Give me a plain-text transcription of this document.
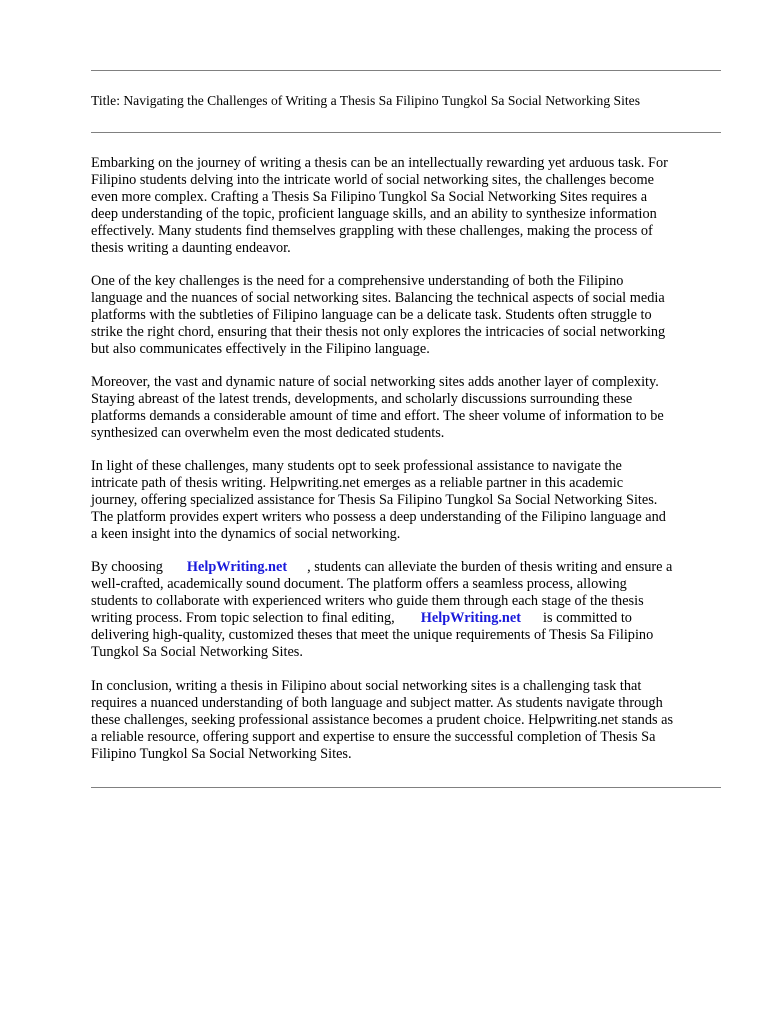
Title: Navigating the Challenges of Writing a Thesis Sa Filipino Tungkol Sa Social Networking Sites

Embarking on the journey of writing a thesis can be an intellectually rewarding yet arduous task. For
Filipino students delving into the intricate world of social networking sites, the challenges become
even more complex. Crafting a Thesis Sa Filipino Tungkol Sa Social Networking Sites requires a
deep understanding of the topic, proficient language skills, and an ability to synthesize information
effectively. Many students find themselves grappling with these challenges, making the process of
thesis writing a daunting endeavor.

One of the key challenges is the need for a comprehensive understanding of both the Filipino
language and the nuances of social networking sites. Balancing the technical aspects of social media
platforms with the subtleties of Filipino language can be a delicate task. Students often struggle to
strike the right chord, ensuring that their thesis not only explores the intricacies of social networking
but also communicates effectively in the Filipino language.

Moreover, the vast and dynamic nature of social networking sites adds another layer of complexity.
Staying abreast of the latest trends, developments, and scholarly discussions surrounding these
platforms demands a considerable amount of time and effort. The sheer volume of information to be
synthesized can overwhelm even the most dedicated students.

In light of these challenges, many students opt to seek professional assistance to navigate the
intricate path of thesis writing. Helpwriting.net emerges as a reliable partner in this academic
journey, offering specialized assistance for Thesis Sa Filipino Tungkol Sa Social Networking Sites.
The platform provides expert writers who possess a deep understanding of the Filipino language and
a keen insight into the dynamics of social networking.

By choosing HelpWriting.net , students can alleviate the burden of thesis writing and ensure a
well-crafted, academically sound document. The platform offers a seamless process, allowing
students to collaborate with experienced writers who guide them through each stage of the thesis
writing process. From topic selection to final editing, HelpWriting.net is committed to
delivering high-quality, customized theses that meet the unique requirements of Thesis Sa Filipino
Tungkol Sa Social Networking Sites.

In conclusion, writing a thesis in Filipino about social networking sites is a challenging task that
requires a nuanced understanding of both language and subject matter. As students navigate through
these challenges, seeking professional assistance becomes a prudent choice. Helpwriting.net stands as
a reliable resource, offering support and expertise to ensure the successful completion of Thesis Sa
Filipino Tungkol Sa Social Networking Sites.
